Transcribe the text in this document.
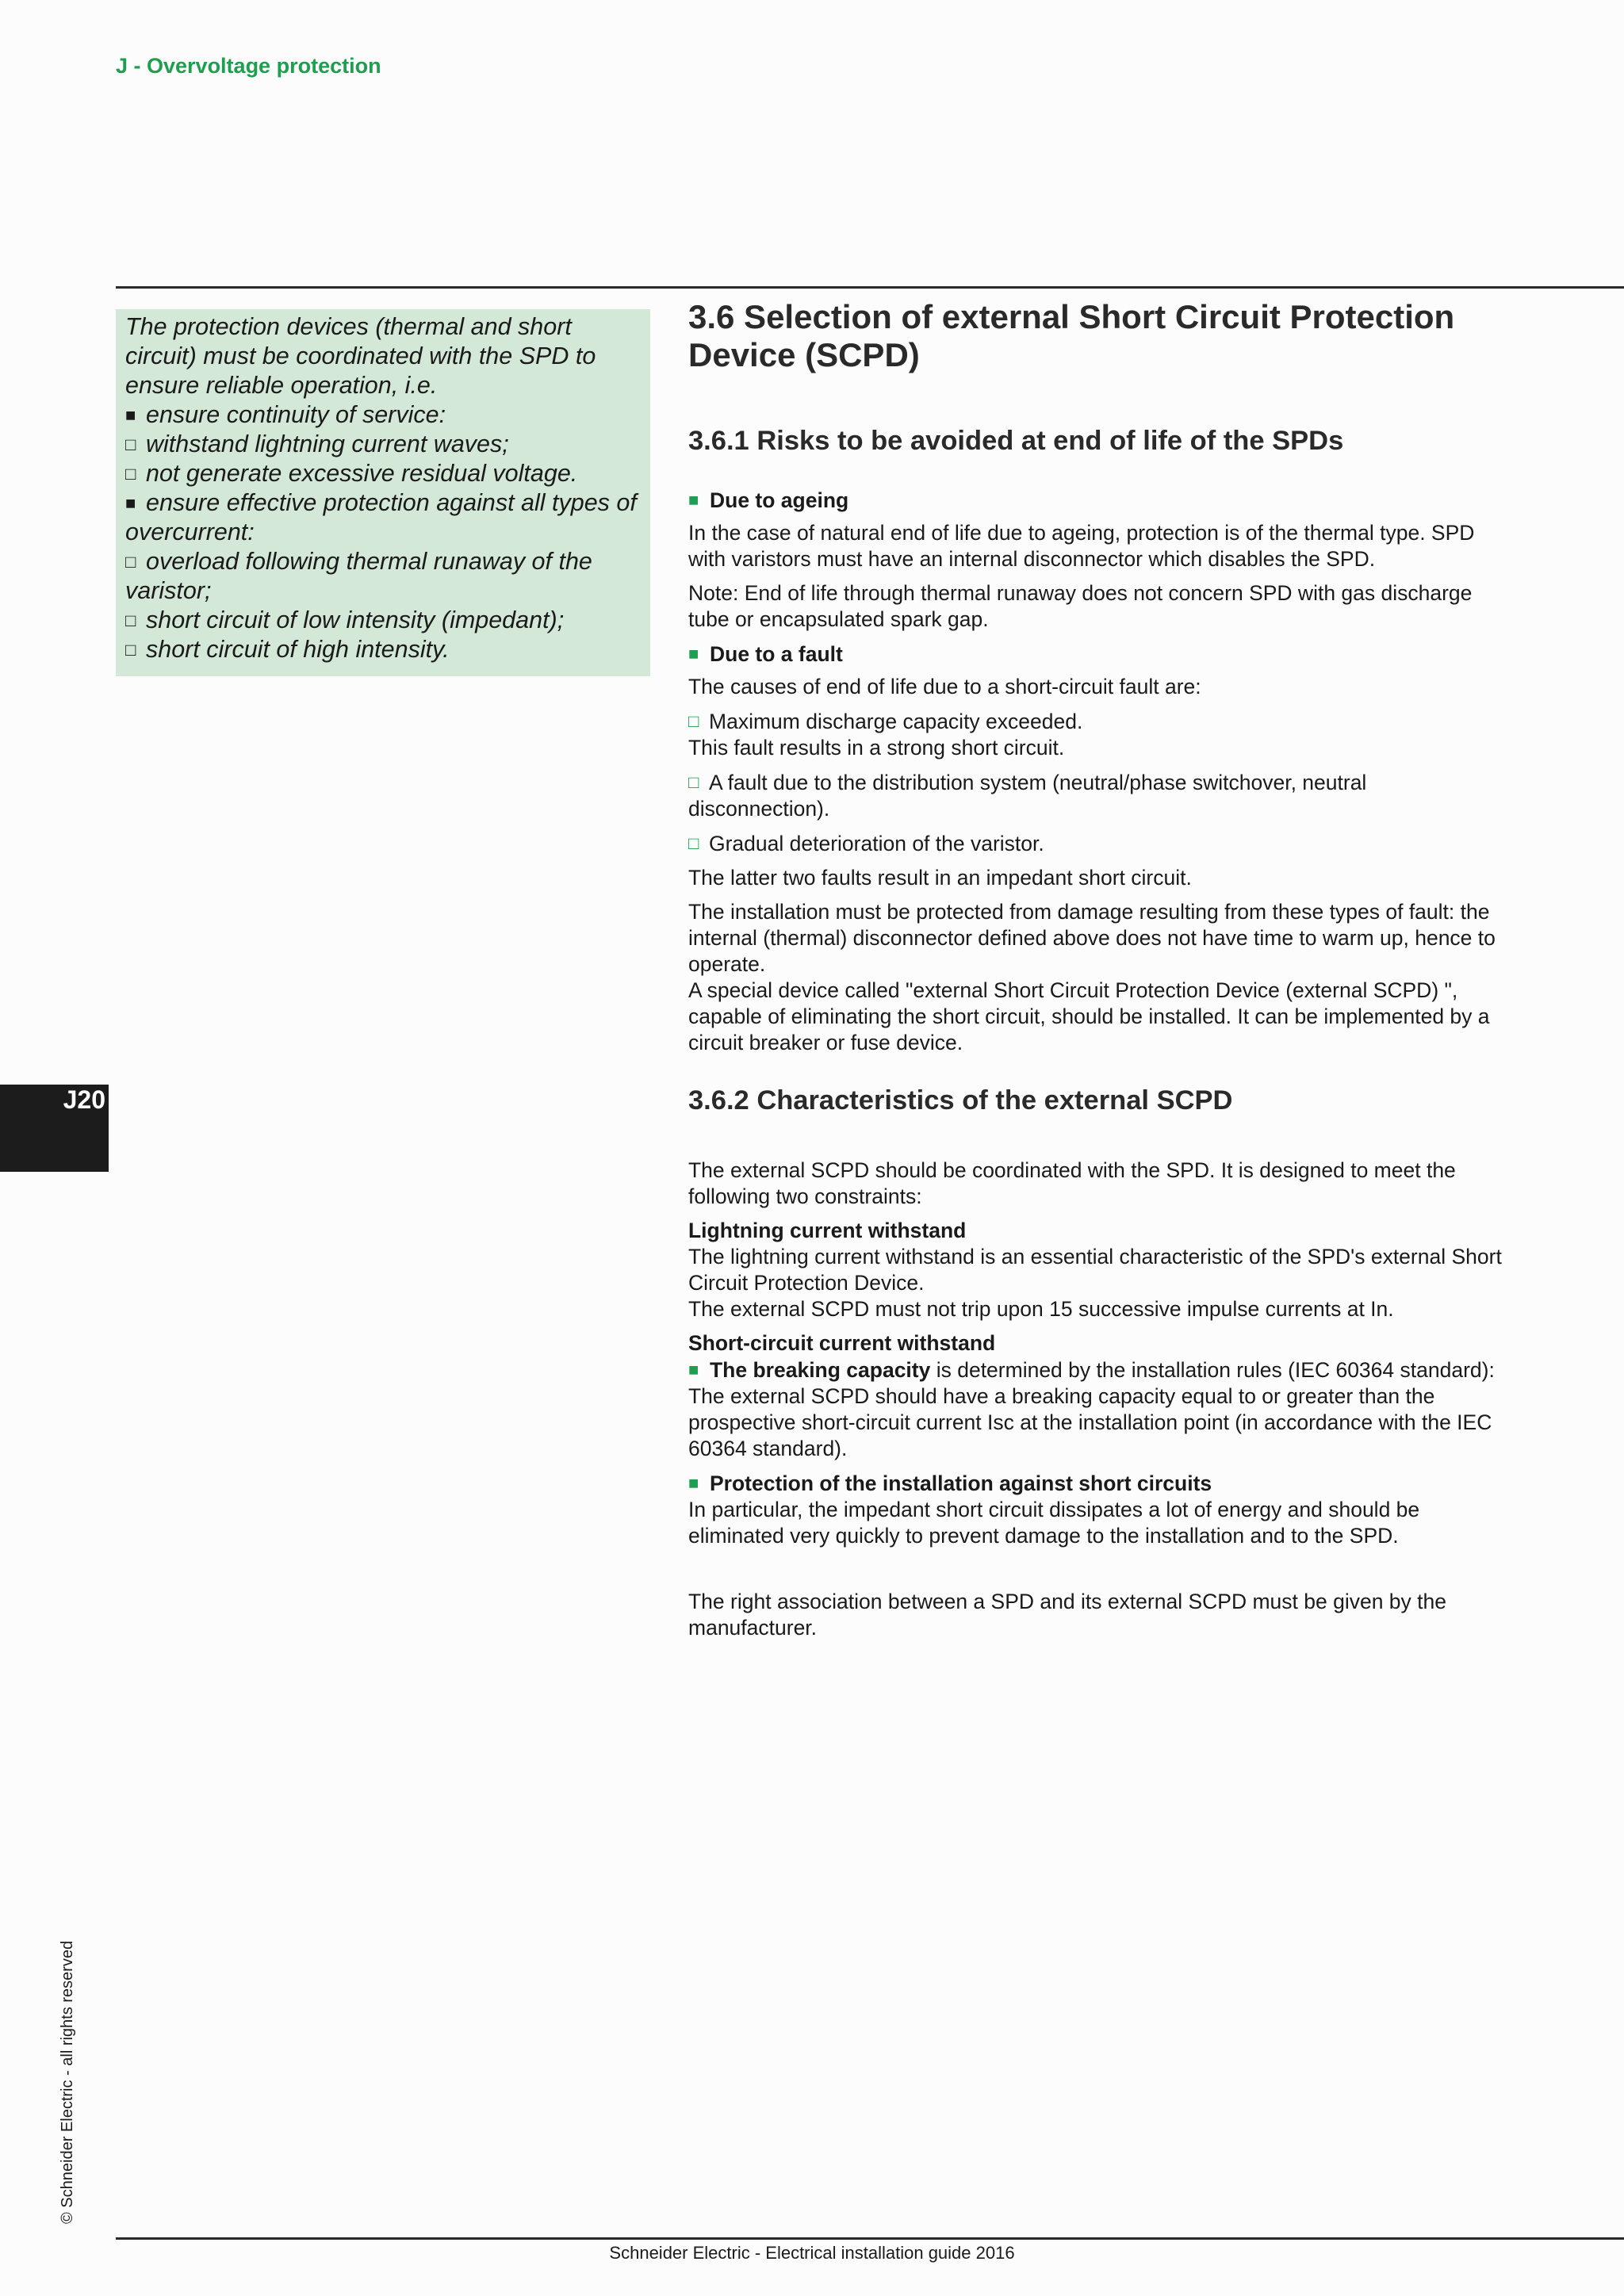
J - Overvoltage protection
The protection devices (thermal and short circuit) must be coordinated with the SPD to ensure reliable operation, i.e.
■ ensure continuity of service:
□ withstand lightning current waves;
□ not generate excessive residual voltage.
■ ensure effective protection against all types of overcurrent:
□ overload following thermal runaway of the varistor;
□ short circuit of low intensity (impedant);
□ short circuit of high intensity.
3.6 Selection of external Short Circuit Protection Device (SCPD)
3.6.1 Risks to be avoided at end of life of the SPDs
■ Due to ageing
In the case of natural end of life due to ageing, protection is of the thermal type. SPD with varistors must have an internal disconnector which disables the SPD.
Note: End of life through thermal runaway does not concern SPD with gas discharge tube or encapsulated spark gap.
■ Due to a fault
The causes of end of life due to a short-circuit fault are:
□ Maximum discharge capacity exceeded.
This fault results in a strong short circuit.
□ A fault due to the distribution system (neutral/phase switchover, neutral disconnection).
□ Gradual deterioration of the varistor.
The latter two faults result in an impedant short circuit.
The installation must be protected from damage resulting from these types of fault: the internal (thermal) disconnector defined above does not have time to warm up, hence to operate.
A special device called "external Short Circuit Protection Device (external SCPD) ", capable of eliminating the short circuit, should be installed. It can be implemented by a circuit breaker or fuse device.
3.6.2 Characteristics of the external SCPD
The external SCPD should be coordinated with the SPD. It is designed to meet the following two constraints:
Lightning current withstand
The lightning current withstand is an essential characteristic of the SPD's external Short Circuit Protection Device.
The external SCPD must not trip upon 15 successive impulse currents at In.
Short-circuit current withstand
■ The breaking capacity is determined by the installation rules (IEC 60364 standard):
The external SCPD should have a breaking capacity equal to or greater than the prospective short-circuit current Isc at the installation point (in accordance with the IEC 60364 standard).
■ Protection of the installation against short circuits
In particular, the impedant short circuit dissipates a lot of energy and should be eliminated very quickly to prevent damage to the installation and to the SPD.
The right association between a SPD and its external SCPD must be given by the manufacturer.
J20
© Schneider Electric - all rights reserved
Schneider Electric - Electrical installation guide 2016
